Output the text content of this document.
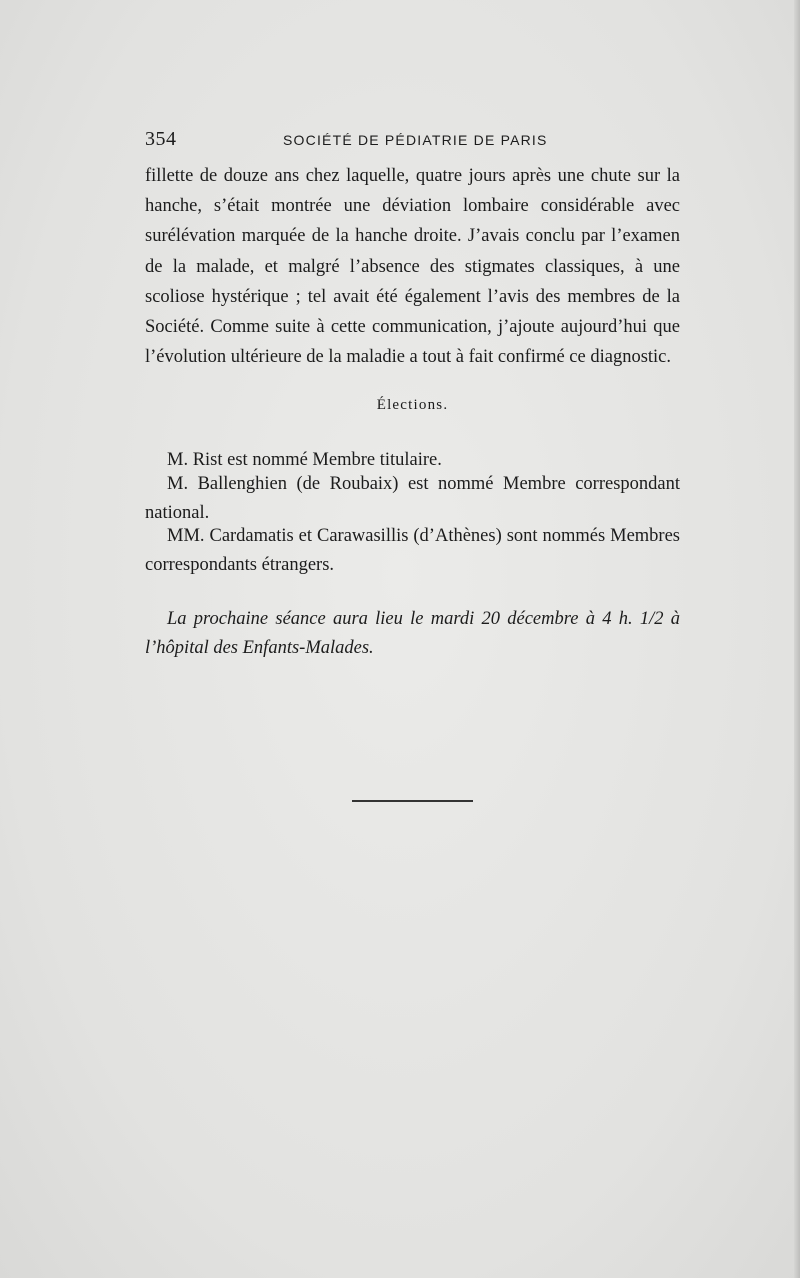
354	SOCIÉTÉ DE PÉDIATRIE DE PARIS

fillette de douze ans chez laquelle, quatre jours après une chute sur la hanche, s’était montrée une déviation lombaire considérable avec surélévation marquée de la hanche droite. J’avais conclu par l’examen de la malade, et malgré l’absence des stigmates classiques, à une scoliose hystérique ; tel avait été également l’avis des membres de la Société. Comme suite à cette communication, j’ajoute aujourd’hui que l’évolution ultérieure de la maladie a tout à fait confirmé ce diagnostic.

Élections.

M. Rist est nommé Membre titulaire.

M. Ballenghien (de Roubaix) est nommé Membre correspondant national.

MM. Cardamatis et Carawasillis (d’Athènes) sont nommés Membres correspondants étrangers.

La prochaine séance aura lieu le mardi 20 décembre à 4 h. 1/2 à l’hôpital des Enfants-Malades.
